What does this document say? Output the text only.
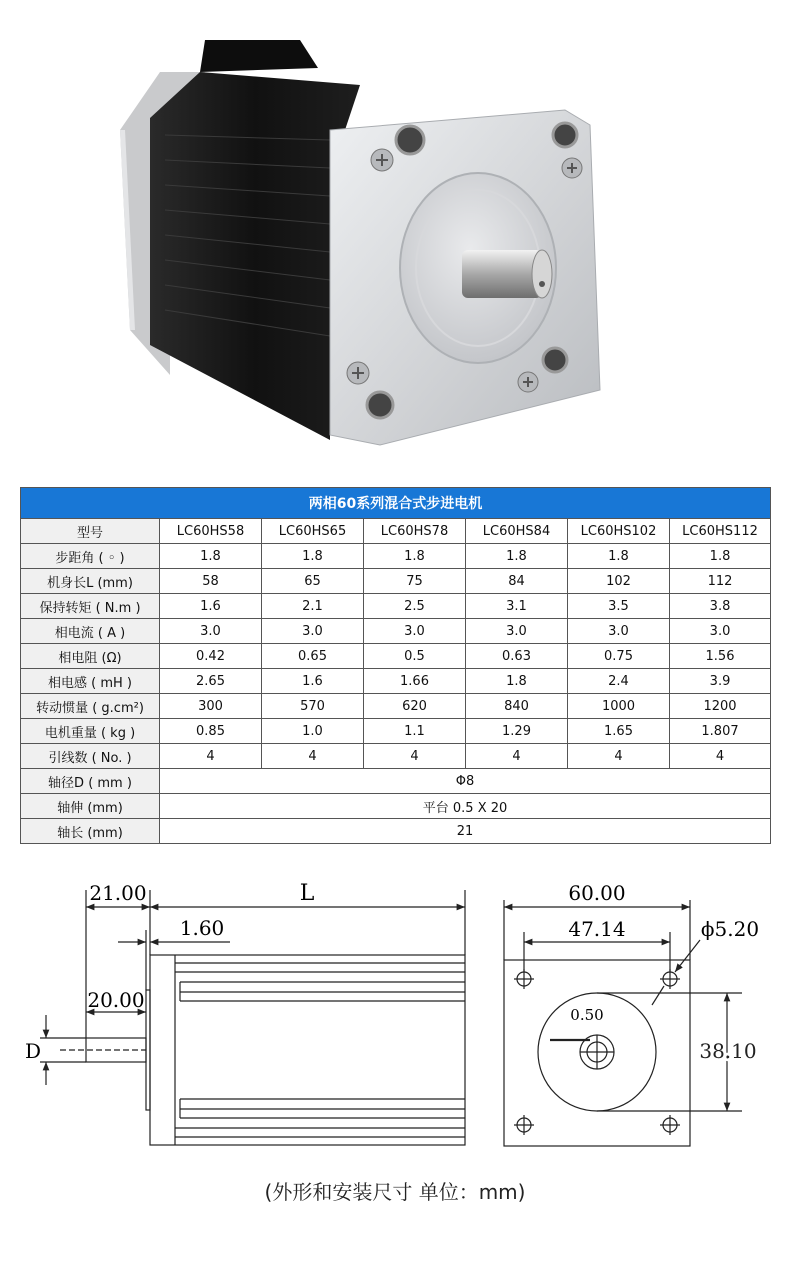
两相60系列混合式步进电机						
型号	LC60HS58	LC60HS65	LC60HS78	LC60HS84	LC60HS102	LC60HS112
步距角 ( ◦ )	1.8	1.8	1.8	1.8	1.8	1.8
机身长L (mm)	58	65	75	84	102	112
保持转矩 ( N.m )	1.6	2.1	2.5	3.1	3.5	3.8
相电流 ( A )	3.0	3.0	3.0	3.0	3.0	3.0
相电阻 (Ω)	0.42	0.65	0.5	0.63	0.75	1.56
相电感 ( mH )	2.65	1.6	1.66	1.8	2.4	3.9
转动惯量 ( g.cm²)	300	570	620	840	1000	1200
电机重量 ( kg )	0.85	1.0	1.1	1.29	1.65	1.807
引线数 ( No. )	4	4	4	4	4	4
轴径D ( mm )	Φ8					
轴伸 (mm)	平台 0.5 X 20					
轴长 (mm)	21					
21.00	L
1.60
20.00
D
60.00
47.14	ϕ5.20
0.50
38.10
(外形和安装尺寸 单位：mm)
